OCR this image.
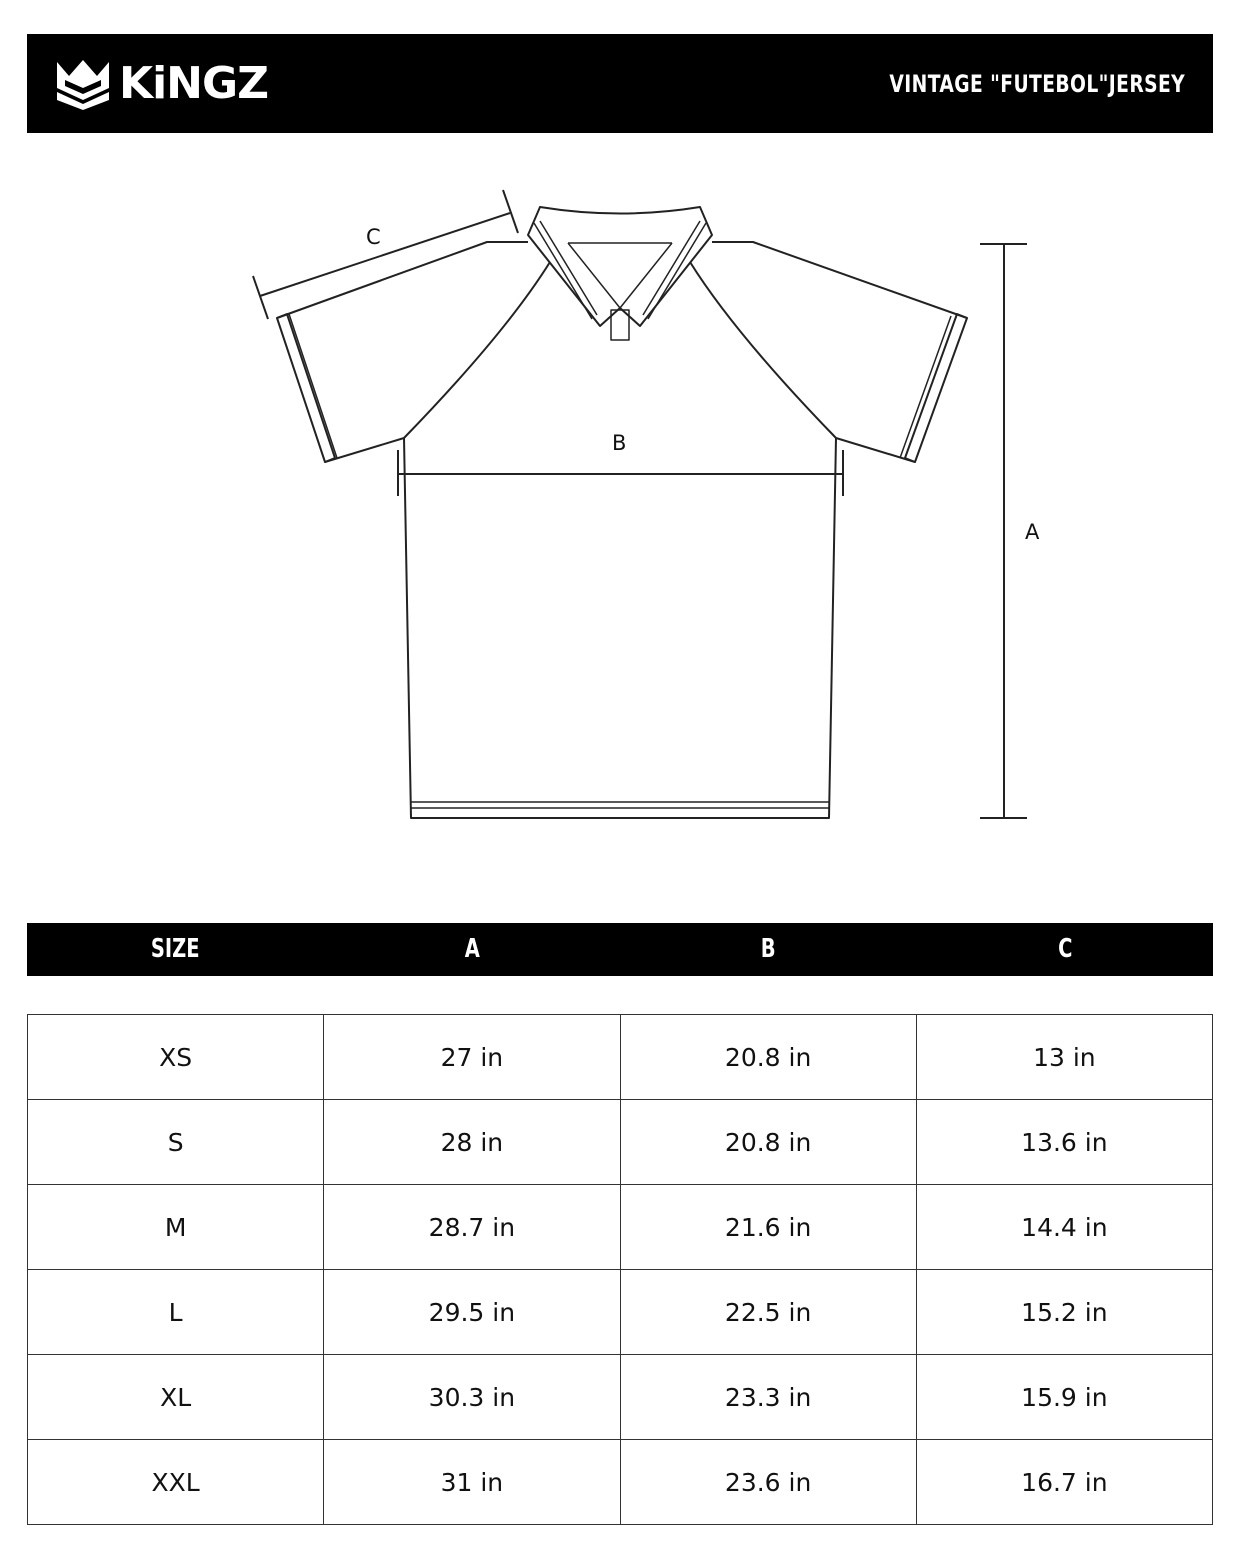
KiNGZ	VINTAGE "FUTEBOL"JERSEY
A
B
C
SIZE	A	B	C
XS	27 in	20.8 in	13 in
S	28 in	20.8 in	13.6 in
M	28.7 in	21.6 in	14.4 in
L	29.5 in	22.5 in	15.2 in
XL	30.3 in	23.3 in	15.9 in
XXL	31 in	23.6 in	16.7 in
